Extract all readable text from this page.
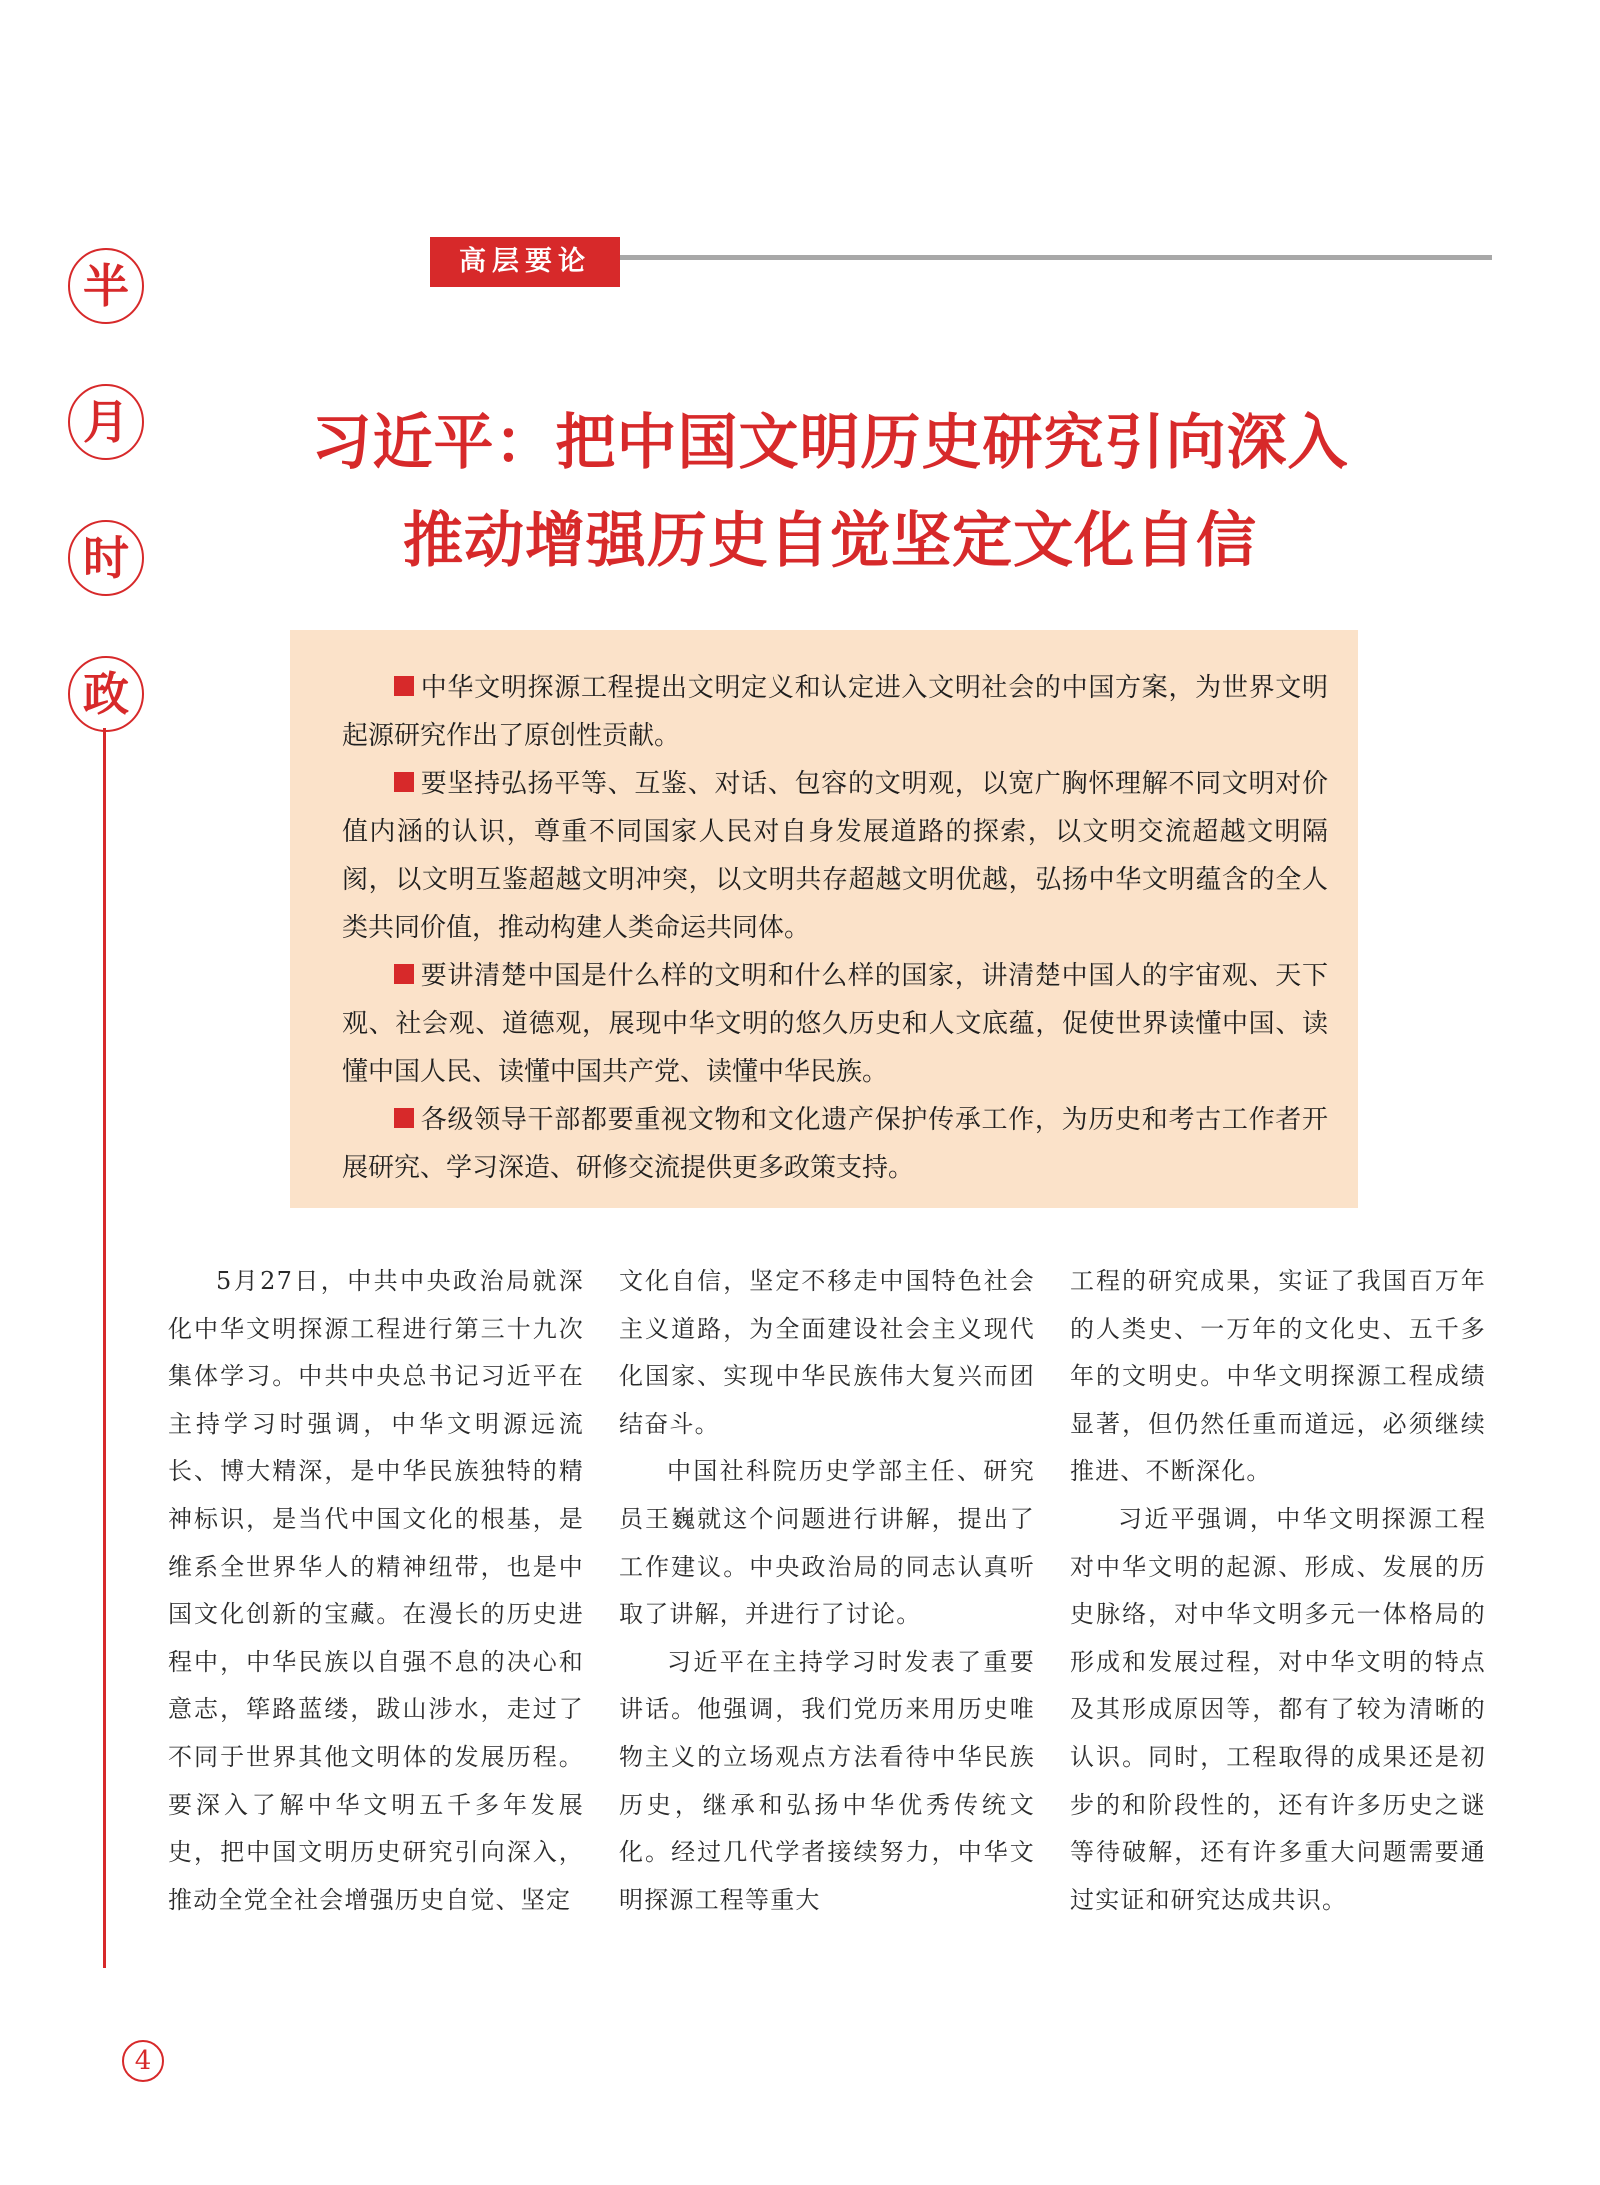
半
月
时
政
高层要论
习近平：把中国文明历史研究引向深入
推动增强历史自觉坚定文化自信

中华文明探源工程提出文明定义和认定进入文明社会的中国方案，为世界文明起源研究作出了原创性贡献。

要坚持弘扬平等、互鉴、对话、包容的文明观，以宽广胸怀理解不同文明对价值内涵的认识，尊重不同国家人民对自身发展道路的探索，以文明交流超越文明隔阂，以文明互鉴超越文明冲突，以文明共存超越文明优越，弘扬中华文明蕴含的全人类共同价值，推动构建人类命运共同体。

要讲清楚中国是什么样的文明和什么样的国家，讲清楚中国人的宇宙观、天下观、社会观、道德观，展现中华文明的悠久历史和人文底蕴，促使世界读懂中国、读懂中国人民、读懂中国共产党、读懂中华民族。

各级领导干部都要重视文物和文化遗产保护传承工作，为历史和考古工作者开展研究、学习深造、研修交流提供更多政策支持。

5月27日，中共中央政治局就深化中华文明探源工程进行第三十九次集体学习。中共中央总书记习近平在主持学习时强调，中华文明源远流长、博大精深，是中华民族独特的精神标识，是当代中国文化的根基，是维系全世界华人的精神纽带，也是中国文化创新的宝藏。在漫长的历史进程中，中华民族以自强不息的决心和意志，筚路蓝缕，跋山涉水，走过了不同于世界其他文明体的发展历程。要深入了解中华文明五千多年发展史，把中国文明历史研究引向深入，推动全党全社会增强历史自觉、坚定

文化自信，坚定不移走中国特色社会主义道路，为全面建设社会主义现代化国家、实现中华民族伟大复兴而团结奋斗。

中国社科院历史学部主任、研究员王巍就这个问题进行讲解，提出了工作建议。中央政治局的同志认真听取了讲解，并进行了讨论。

习近平在主持学习时发表了重要讲话。他强调，我们党历来用历史唯物主义的立场观点方法看待中华民族历史，继承和弘扬中华优秀传统文化。经过几代学者接续努力，中华文明探源工程等重大

工程的研究成果，实证了我国百万年的人类史、一万年的文化史、五千多年的文明史。中华文明探源工程成绩显著，但仍然任重而道远，必须继续推进、不断深化。

习近平强调，中华文明探源工程对中华文明的起源、形成、发展的历史脉络，对中华文明多元一体格局的形成和发展过程，对中华文明的特点及其形成原因等，都有了较为清晰的认识。同时，工程取得的成果还是初步的和阶段性的，还有许多历史之谜等待破解，还有许多重大问题需要通过实证和研究达成共识。

4
